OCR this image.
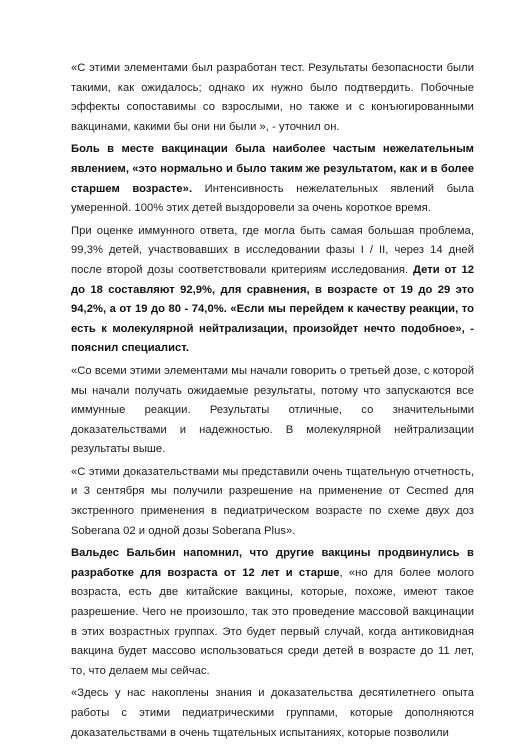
«С этими элементами был разработан тест. Результаты безопасности были такими, как ожидалось; однако их нужно было подтвердить. Побочные эффекты сопоставимы со взрослыми, но также и с конъюгированными вакцинами, какими бы они ни были », - уточнил он.

Боль в месте вакцинации была наиболее частым нежелательным явлением, «это нормально и было таким же результатом, как и в более старшем возрасте». Интенсивность нежелательных явлений была умеренной. 100% этих детей выздоровели за очень короткое время.

При оценке иммунного ответа, где могла быть самая большая проблема, 99,3% детей, участвовавших в исследовании фазы I / II, через 14 дней после второй дозы соответствовали критериям исследования. Дети от 12 до 18 составляют 92,9%, для сравнения, в возрасте от 19 до 29 это 94,2%, а от 19 до 80 - 74,0%. «Если мы перейдем к качеству реакции, то есть к молекулярной нейтрализации, произойдет нечто подобное», - пояснил специалист.

«Со всеми этими элементами мы начали говорить о третьей дозе, с которой мы начали получать ожидаемые результаты, потому что запускаются все иммунные реакции. Результаты отличные, со значительными доказательствами и надежностью. В молекулярной нейтрализации результаты выше.

«С этими доказательствами мы представили очень тщательную отчетность, и 3 сентября мы получили разрешение на применение от Cecmed для экстренного применения в педиатрическом возрасте по схеме двух доз Soberana 02 и одной дозы Soberana Plus».

Вальдес Бальбин напомнил, что другие вакцины продвинулись в разработке для возраста от 12 лет и старше, «но для более молого возраста, есть две китайские вакцины, которые, похоже, имеют такое разрешение. Чего не произошло, так это проведение массовой вакцинации в этих возрастных группах. Это будет первый случай, когда антиковидная вакцина будет массово использоваться среди детей в возрасте до 11 лет, то, что делаем мы сейчас.

«Здесь у нас накоплены знания и доказательства десятилетнего опыта работы с этими педиатрическими группами, которые дополняются доказательствами в очень тщательных испытаниях, которые позволили
